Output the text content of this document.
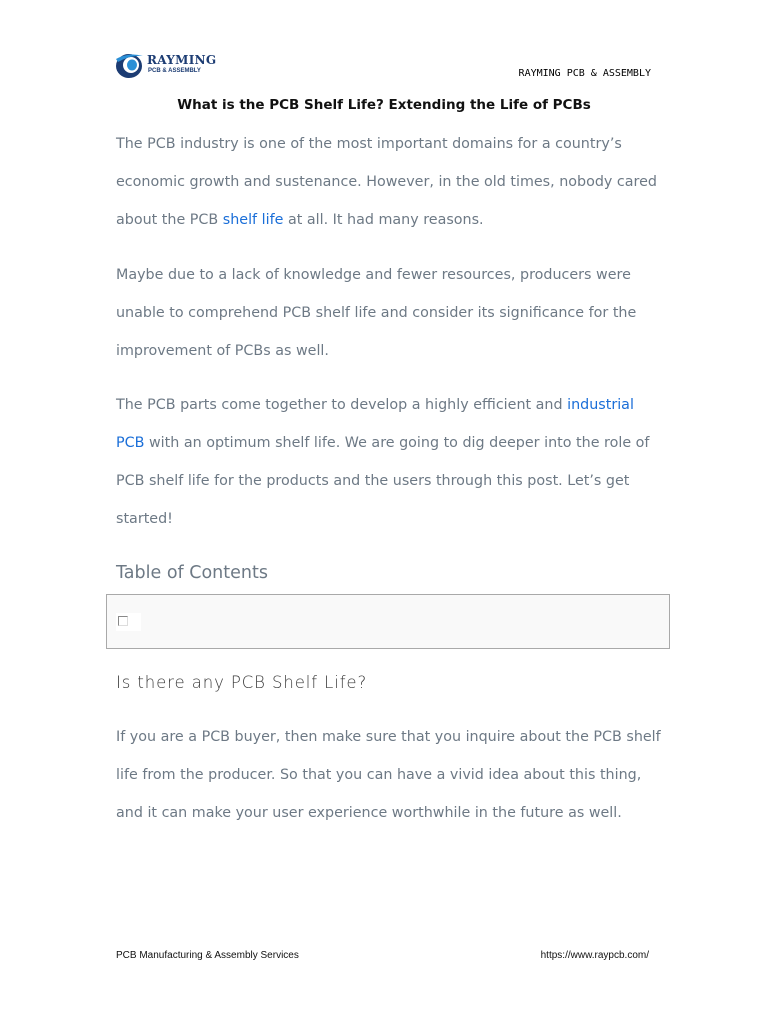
RAYMING
PCB & ASSEMBLY	RAYMING PCB & ASSEMBLY
What is the PCB Shelf Life? Extending the Life of PCBs

The PCB industry is one of the most important domains for a country’s economic growth and sustenance. However, in the old times, nobody cared about the PCB shelf life at all. It had many reasons.

Maybe due to a lack of knowledge and fewer resources, producers were unable to comprehend PCB shelf life and consider its significance for the improvement of PCBs as well.

The PCB parts come together to develop a highly efficient and industrial PCB with an optimum shelf life. We are going to dig deeper into the role of PCB shelf life for the products and the users through this post. Let’s get started!

Table of Contents
Is there any PCB Shelf Life?

If you are a PCB buyer, then make sure that you inquire about the PCB shelf life from the producer. So that you can have a vivid idea about this thing, and it can make your user experience worthwhile in the future as well.

PCB Manufacturing & Assembly Services	https://www.raypcb.com/
